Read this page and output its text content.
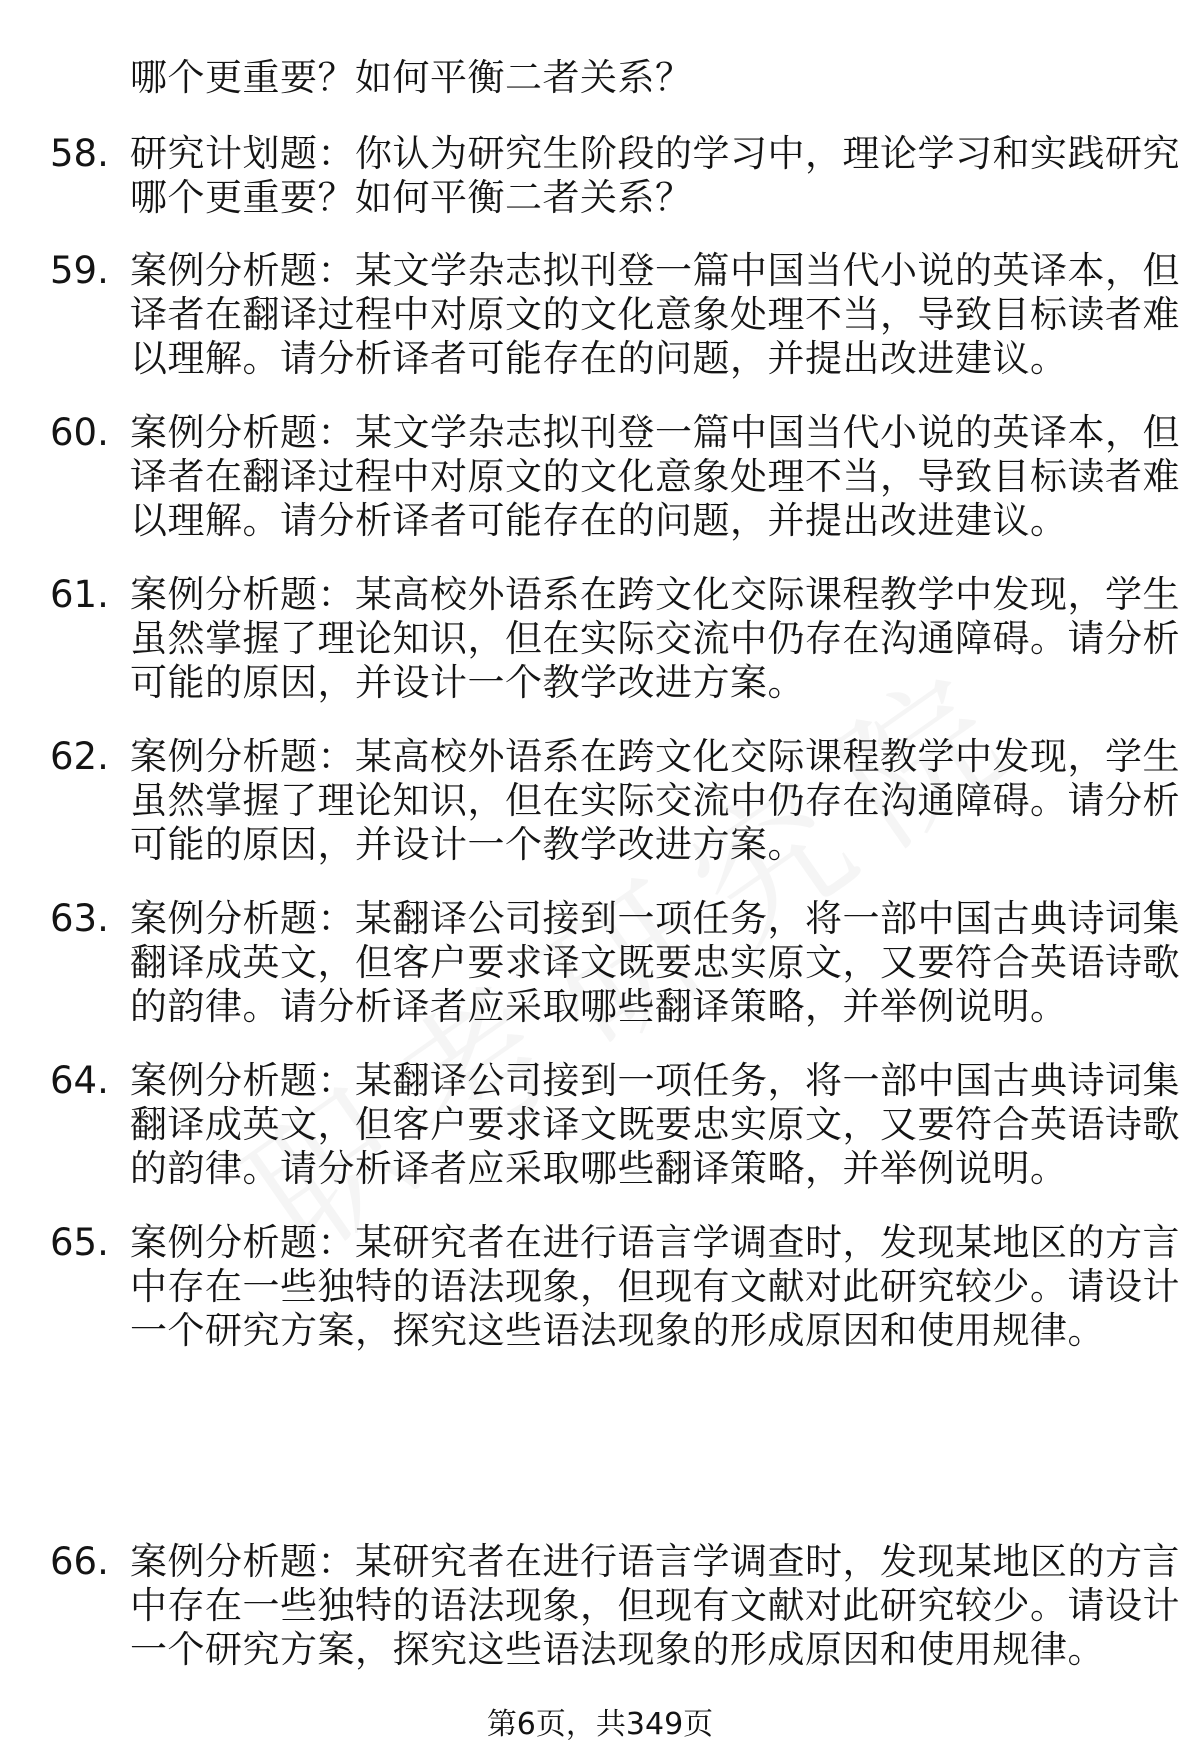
哪个更重要？如何平衡二者关系？
58. 研究计划题：你认为研究生阶段的学习中，理论学习和实践研究
哪个更重要？如何平衡二者关系？
59. 案例分析题：某文学杂志拟刊登一篇中国当代小说的英译本，但
译者在翻译过程中对原文的文化意象处理不当，导致目标读者难
以理解。请分析译者可能存在的问题，并提出改进建议。
60. 案例分析题：某文学杂志拟刊登一篇中国当代小说的英译本，但
译者在翻译过程中对原文的文化意象处理不当，导致目标读者难
以理解。请分析译者可能存在的问题，并提出改进建议。
61. 案例分析题：某高校外语系在跨文化交际课程教学中发现，学生
虽然掌握了理论知识，但在实际交流中仍存在沟通障碍。请分析
可能的原因，并设计一个教学改进方案。
62. 案例分析题：某高校外语系在跨文化交际课程教学中发现，学生
虽然掌握了理论知识，但在实际交流中仍存在沟通障碍。请分析
可能的原因，并设计一个教学改进方案。
63. 案例分析题：某翻译公司接到一项任务，将一部中国古典诗词集
翻译成英文，但客户要求译文既要忠实原文，又要符合英语诗歌
的韵律。请分析译者应采取哪些翻译策略，并举例说明。
64. 案例分析题：某翻译公司接到一项任务，将一部中国古典诗词集
翻译成英文，但客户要求译文既要忠实原文，又要符合英语诗歌
的韵律。请分析译者应采取哪些翻译策略，并举例说明。
65. 案例分析题：某研究者在进行语言学调查时，发现某地区的方言
中存在一些独特的语法现象，但现有文献对此研究较少。请设计
一个研究方案，探究这些语法现象的形成原因和使用规律。
66. 案例分析题：某研究者在进行语言学调查时，发现某地区的方言
中存在一些独特的语法现象，但现有文献对此研究较少。请设计
一个研究方案，探究这些语法现象的形成原因和使用规律。
第6页，共349页
